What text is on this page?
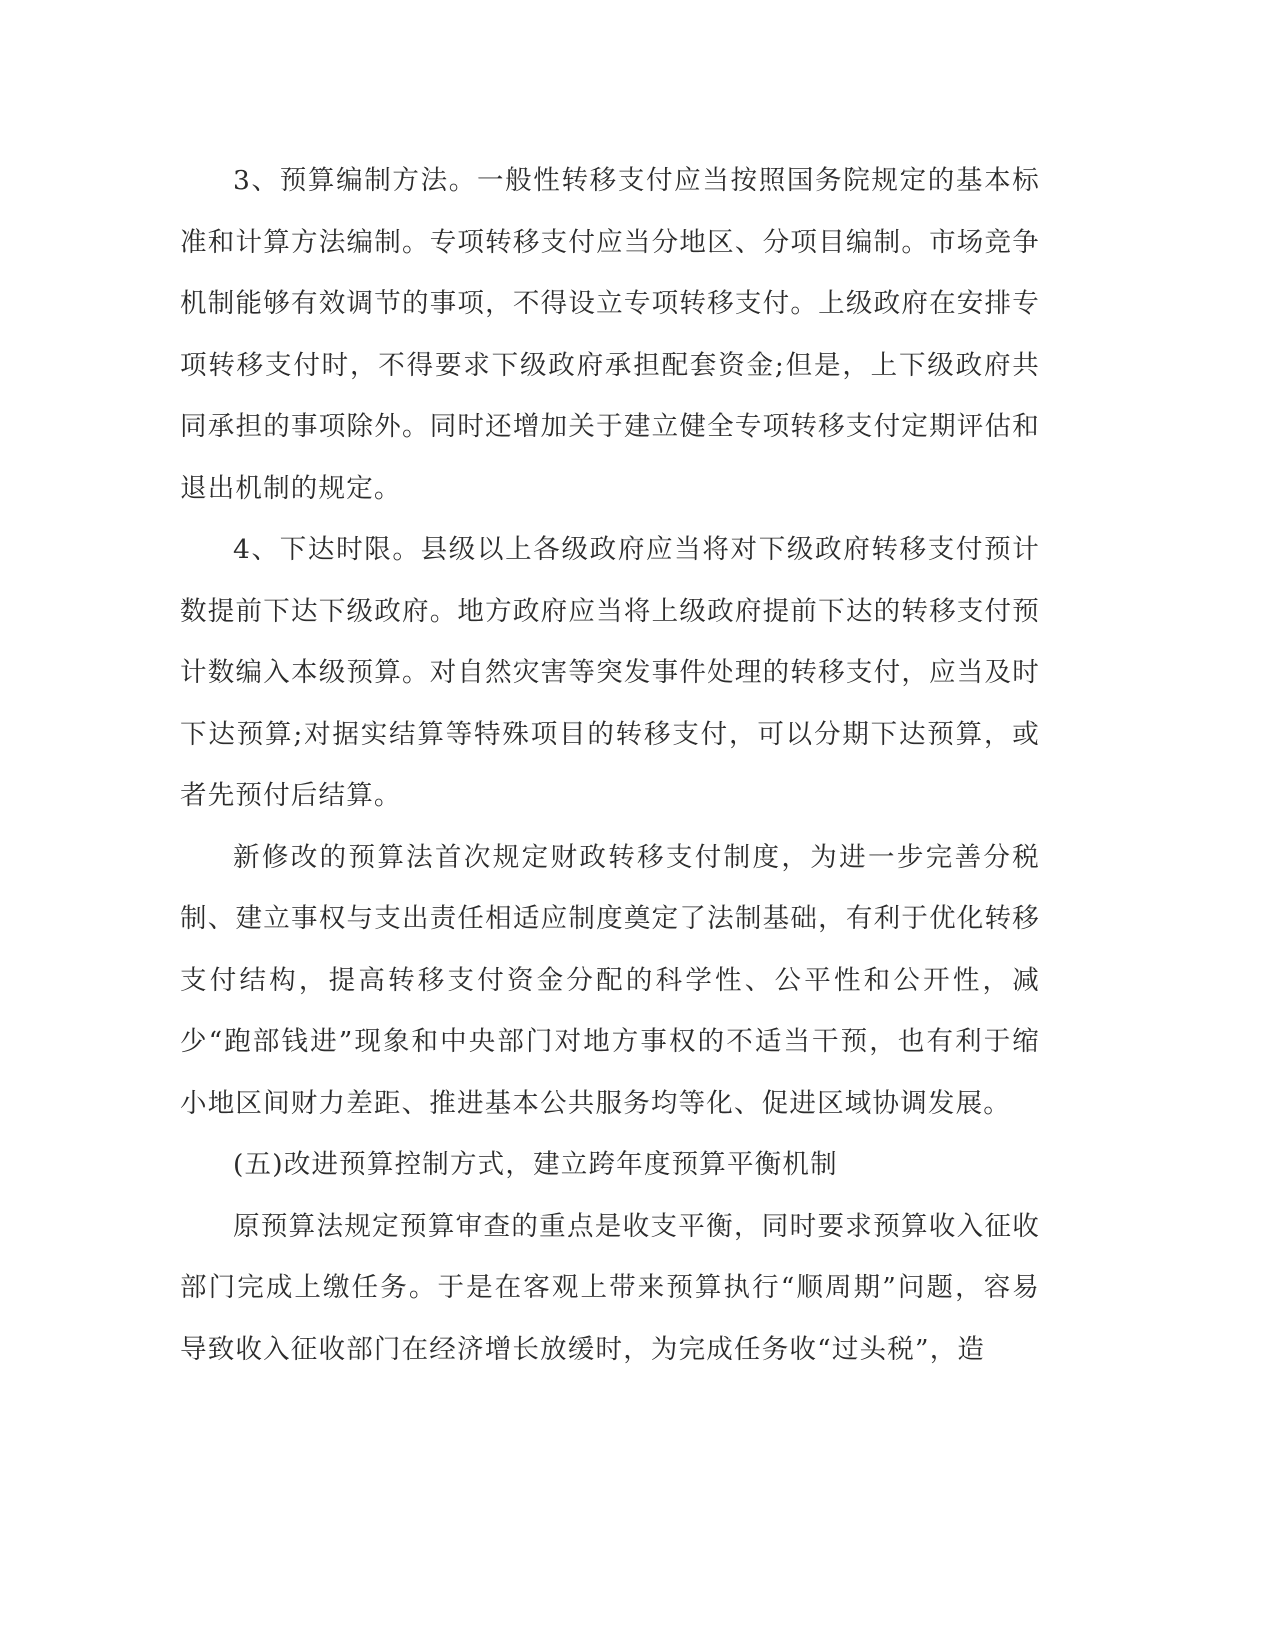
3、预算编制方法。一般性转移支付应当按照国务院规定的基本标准和计算方法编制。专项转移支付应当分地区、分项目编制。市场竞争机制能够有效调节的事项，不得设立专项转移支付。上级政府在安排专项转移支付时，不得要求下级政府承担配套资金;但是，上下级政府共同承担的事项除外。同时还增加关于建立健全专项转移支付定期评估和退出机制的规定。

4、下达时限。县级以上各级政府应当将对下级政府转移支付预计数提前下达下级政府。地方政府应当将上级政府提前下达的转移支付预计数编入本级预算。对自然灾害等突发事件处理的转移支付，应当及时下达预算;对据实结算等特殊项目的转移支付，可以分期下达预算，或者先预付后结算。

新修改的预算法首次规定财政转移支付制度，为进一步完善分税制、建立事权与支出责任相适应制度奠定了法制基础，有利于优化转移支付结构，提高转移支付资金分配的科学性、公平性和公开性，减少“跑部钱进”现象和中央部门对地方事权的不适当干预，也有利于缩小地区间财力差距、推进基本公共服务均等化、促进区域协调发展。

(五)改进预算控制方式，建立跨年度预算平衡机制

原预算法规定预算审查的重点是收支平衡，同时要求预算收入征收部门完成上缴任务。于是在客观上带来预算执行“顺周期”问题，容易导致收入征收部门在经济增长放缓时，为完成任务收“过头税”，造
